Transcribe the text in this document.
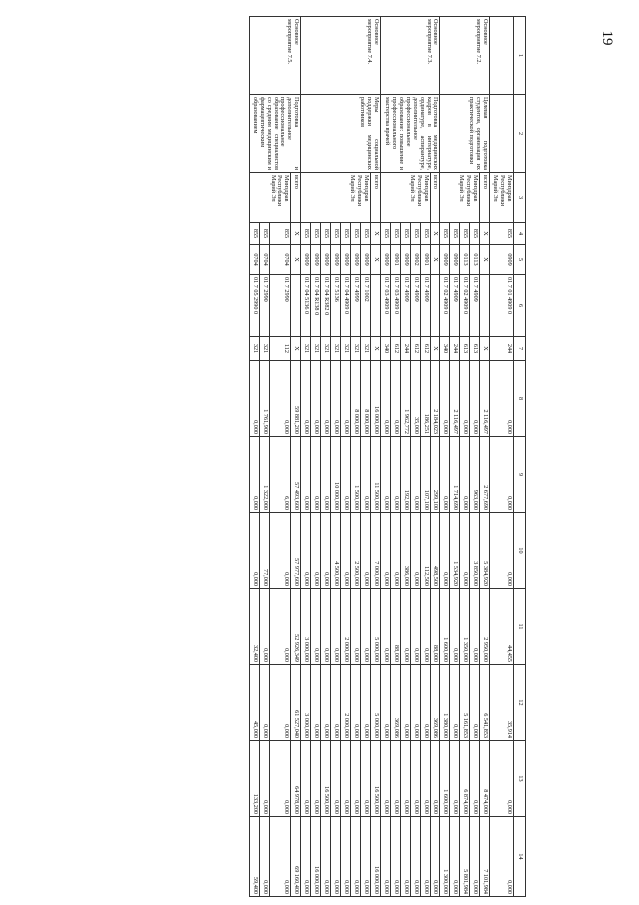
19
1	2	3	4	5	6	7	8	9	10	11	12	13	14
		Минздрав
Республики
Марий Эл	855	0909	01 7 01 4909 0	244	0,000	0,000	0,000	44,455	35,914	0,000	0,000
Основное
мероприятие 7.2.	Целевая подготовка студентов, организация их практической подготовки	всего	X	X		X	2 116,497	2 677,690	5 384,920	2 950,000	6 541,853	8 474,000	7 101,984
		Минздрав
Республики
Марий Эл	855	0113	01 7 4909	613	0,000	963,000	3 850,000	0,000	0,000	0,000	0,000
			855	0113	01 7 02 4909 0	613	0,000	0,000	0,000	1 350,000	5 161,853	6 874,000	5 801,984
			855	0909	01 7 4909	244	2 116,497	1 714,690	1 534,920	0,000	0,000	0,000	0,000
			855	0909	01 7 02 4909 0	340	0,000	0,000	0,000	1 600,000	1 380,000	1 600,000	1 300,000
Основное
мероприятие 7.3.	Подготовка медицинских кадров в интернатуре, ординатуре, аспирантуре, дополнительное профессиональное образование: повышение и профессионального мастерства врачей	всего	X	X		X	2 184,023	299,100	498,500	88,000	369,086	0,000	0,000
		Минздрав
Республики
Марий Эл	855	0901	01 7 4909	612	186,251	107,100	112,500	0,000	0,000	0,000	0,000
			855	0902	01 7 4909	612	35,000	0,000	0,000	0,000	0,000	0,000	0,000
			855	0909	01 7 4909	244	1 962,772	192,000	386,000	0,000	0,000	0,000	0,000
			855	0901	01 7 03 4909 0	612	0,000	0,000	0,000	88,000	369,086	0,000	0,000
			855	0909	01 7 03 4909 0	340	0,000	0,000	0,000	0,000	0,000	0,000	0,000
Основное
мероприятие 7.4.	Меры социальной поддержки медицинских работников	всего	X	X		X	16 000,000	11 500,000	7 000,000	5 000,000	5 000,000	16 500,000	16 000,000
		Минздрав
Республики
Марий Эл	855	0909	01 7 1002	321	8 000,000	0,000	0,000	0,000	0,000	0,000	0,000
			855	0909	01 7 4999	321	8 000,000	1 500,000	2 500,000	0,000	0,000	0,000	0,000
			855	0909	01 7 04 4909 0	321	0,000	0,000	0,000	2 000,000	2 000,000	0,000	0,000
			855	0909	01 7 5136	321	0,000	10 000,000	4 500,000	0,000	0,000	0,000	0,000
			855	0909	01 7 04 R382 0	321	0,000	0,000	0,000	0,000	0,000	16 500,000	0,000
			855	0909	01 7 04 R138 0	321	0,000	0,000	0,000	0,000	0,000	0,000	16 000,000
			855	0909	01 7 04 5136 0	321	0,000	0,000	0,000	3 000,000	3 000,000	0,000	0,000
Основное
мероприятие 7.5.	Подготовка и дополнительное профессиональное образование специалистов со средним медицинским и фармацевтическим образованием	всего	X	X		X	59 881,200	57 493,600	57 977,600	52 926,349	61 527,040	64 978,000	69 160,400
		Минздрав
Республики
Марий Эл	855	0704	01 7 2990	112	0,000	6,000	0,000	0,000	0,000	0,000	0,000
			855	0704	01 7 2990	321	1 761,900	1 322,000	77,000	0,000	0,000	0,000	0,000
			855	0704	01 7 05 2990 0	321	0,000	0,000	0,000	32,400	45,000	133,200	59,400
